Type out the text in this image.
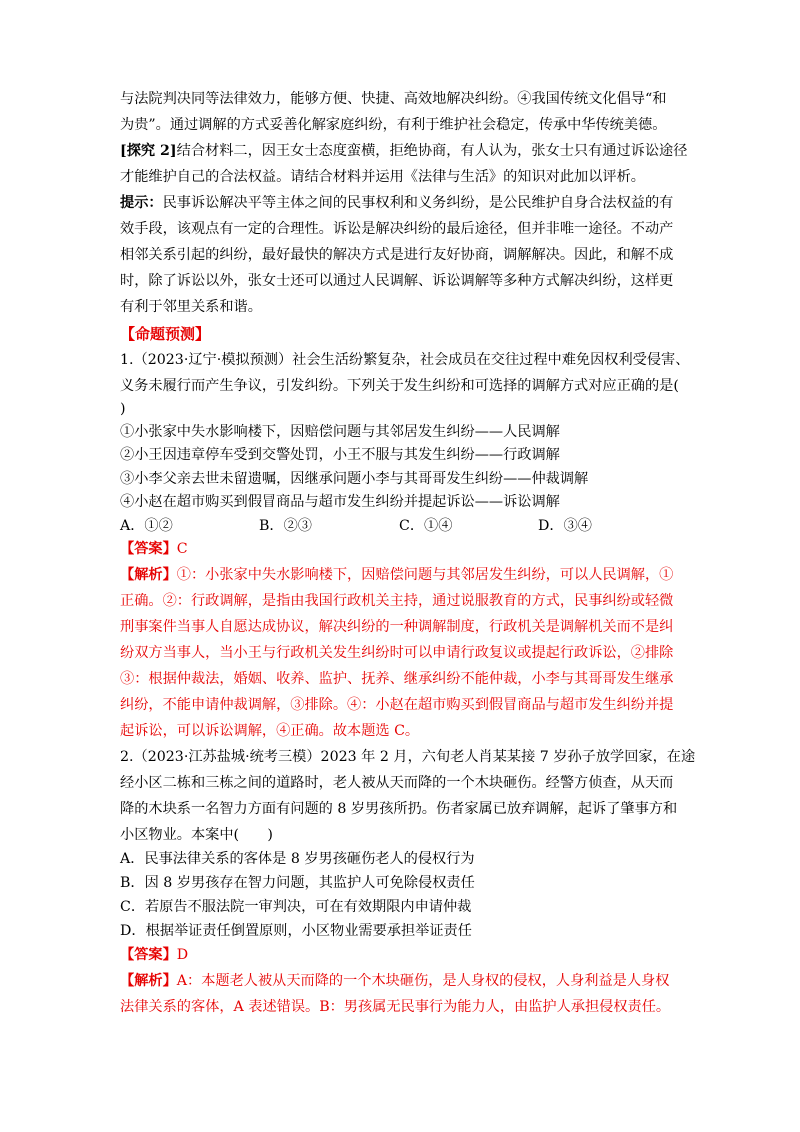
与法院判决同等法律效力，能够方便、快捷、高效地解决纠纷。④我国传统文化倡导“和
为贵”。通过调解的方式妥善化解家庭纠纷，有利于维护社会稳定，传承中华传统美德。
[探究 2]结合材料二，因王女士态度蛮横，拒绝协商，有人认为，张女士只有通过诉讼途径
才能维护自己的合法权益。请结合材料并运用《法律与生活》的知识对此加以评析。
提示：民事诉讼解决平等主体之间的民事权利和义务纠纷，是公民维护自身合法权益的有
效手段，该观点有一定的合理性。诉讼是解决纠纷的最后途径，但并非唯一途径。不动产
相邻关系引起的纠纷，最好最快的解决方式是进行友好协商，调解解决。因此，和解不成
时，除了诉讼以外，张女士还可以通过人民调解、诉讼调解等多种方式解决纠纷，这样更
有利于邻里关系和谐。
【命题预测】
1.（2023·辽宁·模拟预测）社会生活纷繁复杂，社会成员在交往过程中难免因权利受侵害、
义务未履行而产生争议，引发纠纷。下列关于发生纠纷和可选择的调解方式对应正确的是(
)
①小张家中失水影响楼下，因赔偿问题与其邻居发生纠纷——人民调解
②小王因违章停车受到交警处罚，小王不服与其发生纠纷——行政调解
③小李父亲去世未留遗嘱，因继承问题小李与其哥哥发生纠纷——仲裁调解
④小赵在超市购买到假冒商品与超市发生纠纷并提起诉讼——诉讼调解
A．①②	B．②③	C．①④	D．③④
【答案】C
【解析】①：小张家中失水影响楼下，因赔偿问题与其邻居发生纠纷，可以人民调解，①
正确。②：行政调解，是指由我国行政机关主持，通过说服教育的方式，民事纠纷或轻微
刑事案件当事人自愿达成协议，解决纠纷的一种调解制度，行政机关是调解机关而不是纠
纷双方当事人，当小王与行政机关发生纠纷时可以申请行政复议或提起行政诉讼，②排除
③：根据仲裁法，婚姻、收养、监护、抚养、继承纠纷不能仲裁，小李与其哥哥发生继承
纠纷，不能申请仲裁调解，③排除。④：小赵在超市购买到假冒商品与超市发生纠纷并提
起诉讼，可以诉讼调解，④正确。故本题选 C。
2.（2023·江苏盐城·统考三模）2023 年 2 月，六旬老人肖某某接 7 岁孙子放学回家，在途
经小区二栋和三栋之间的道路时，老人被从天而降的一个木块砸伤。经警方侦查，从天而
降的木块系一名智力方面有问题的 8 岁男孩所扔。伤者家属已放弃调解，起诉了肇事方和
小区物业。本案中(　　)
A．民事法律关系的客体是 8 岁男孩砸伤老人的侵权行为
B．因 8 岁男孩存在智力问题，其监护人可免除侵权责任
C．若原告不服法院一审判决，可在有效期限内申请仲裁
D．根据举证责任倒置原则，小区物业需要承担举证责任
【答案】D
【解析】A：本题老人被从天而降的一个木块砸伤，是人身权的侵权，人身利益是人身权
法律关系的客体，A 表述错误。B：男孩属无民事行为能力人，由监护人承担侵权责任。
